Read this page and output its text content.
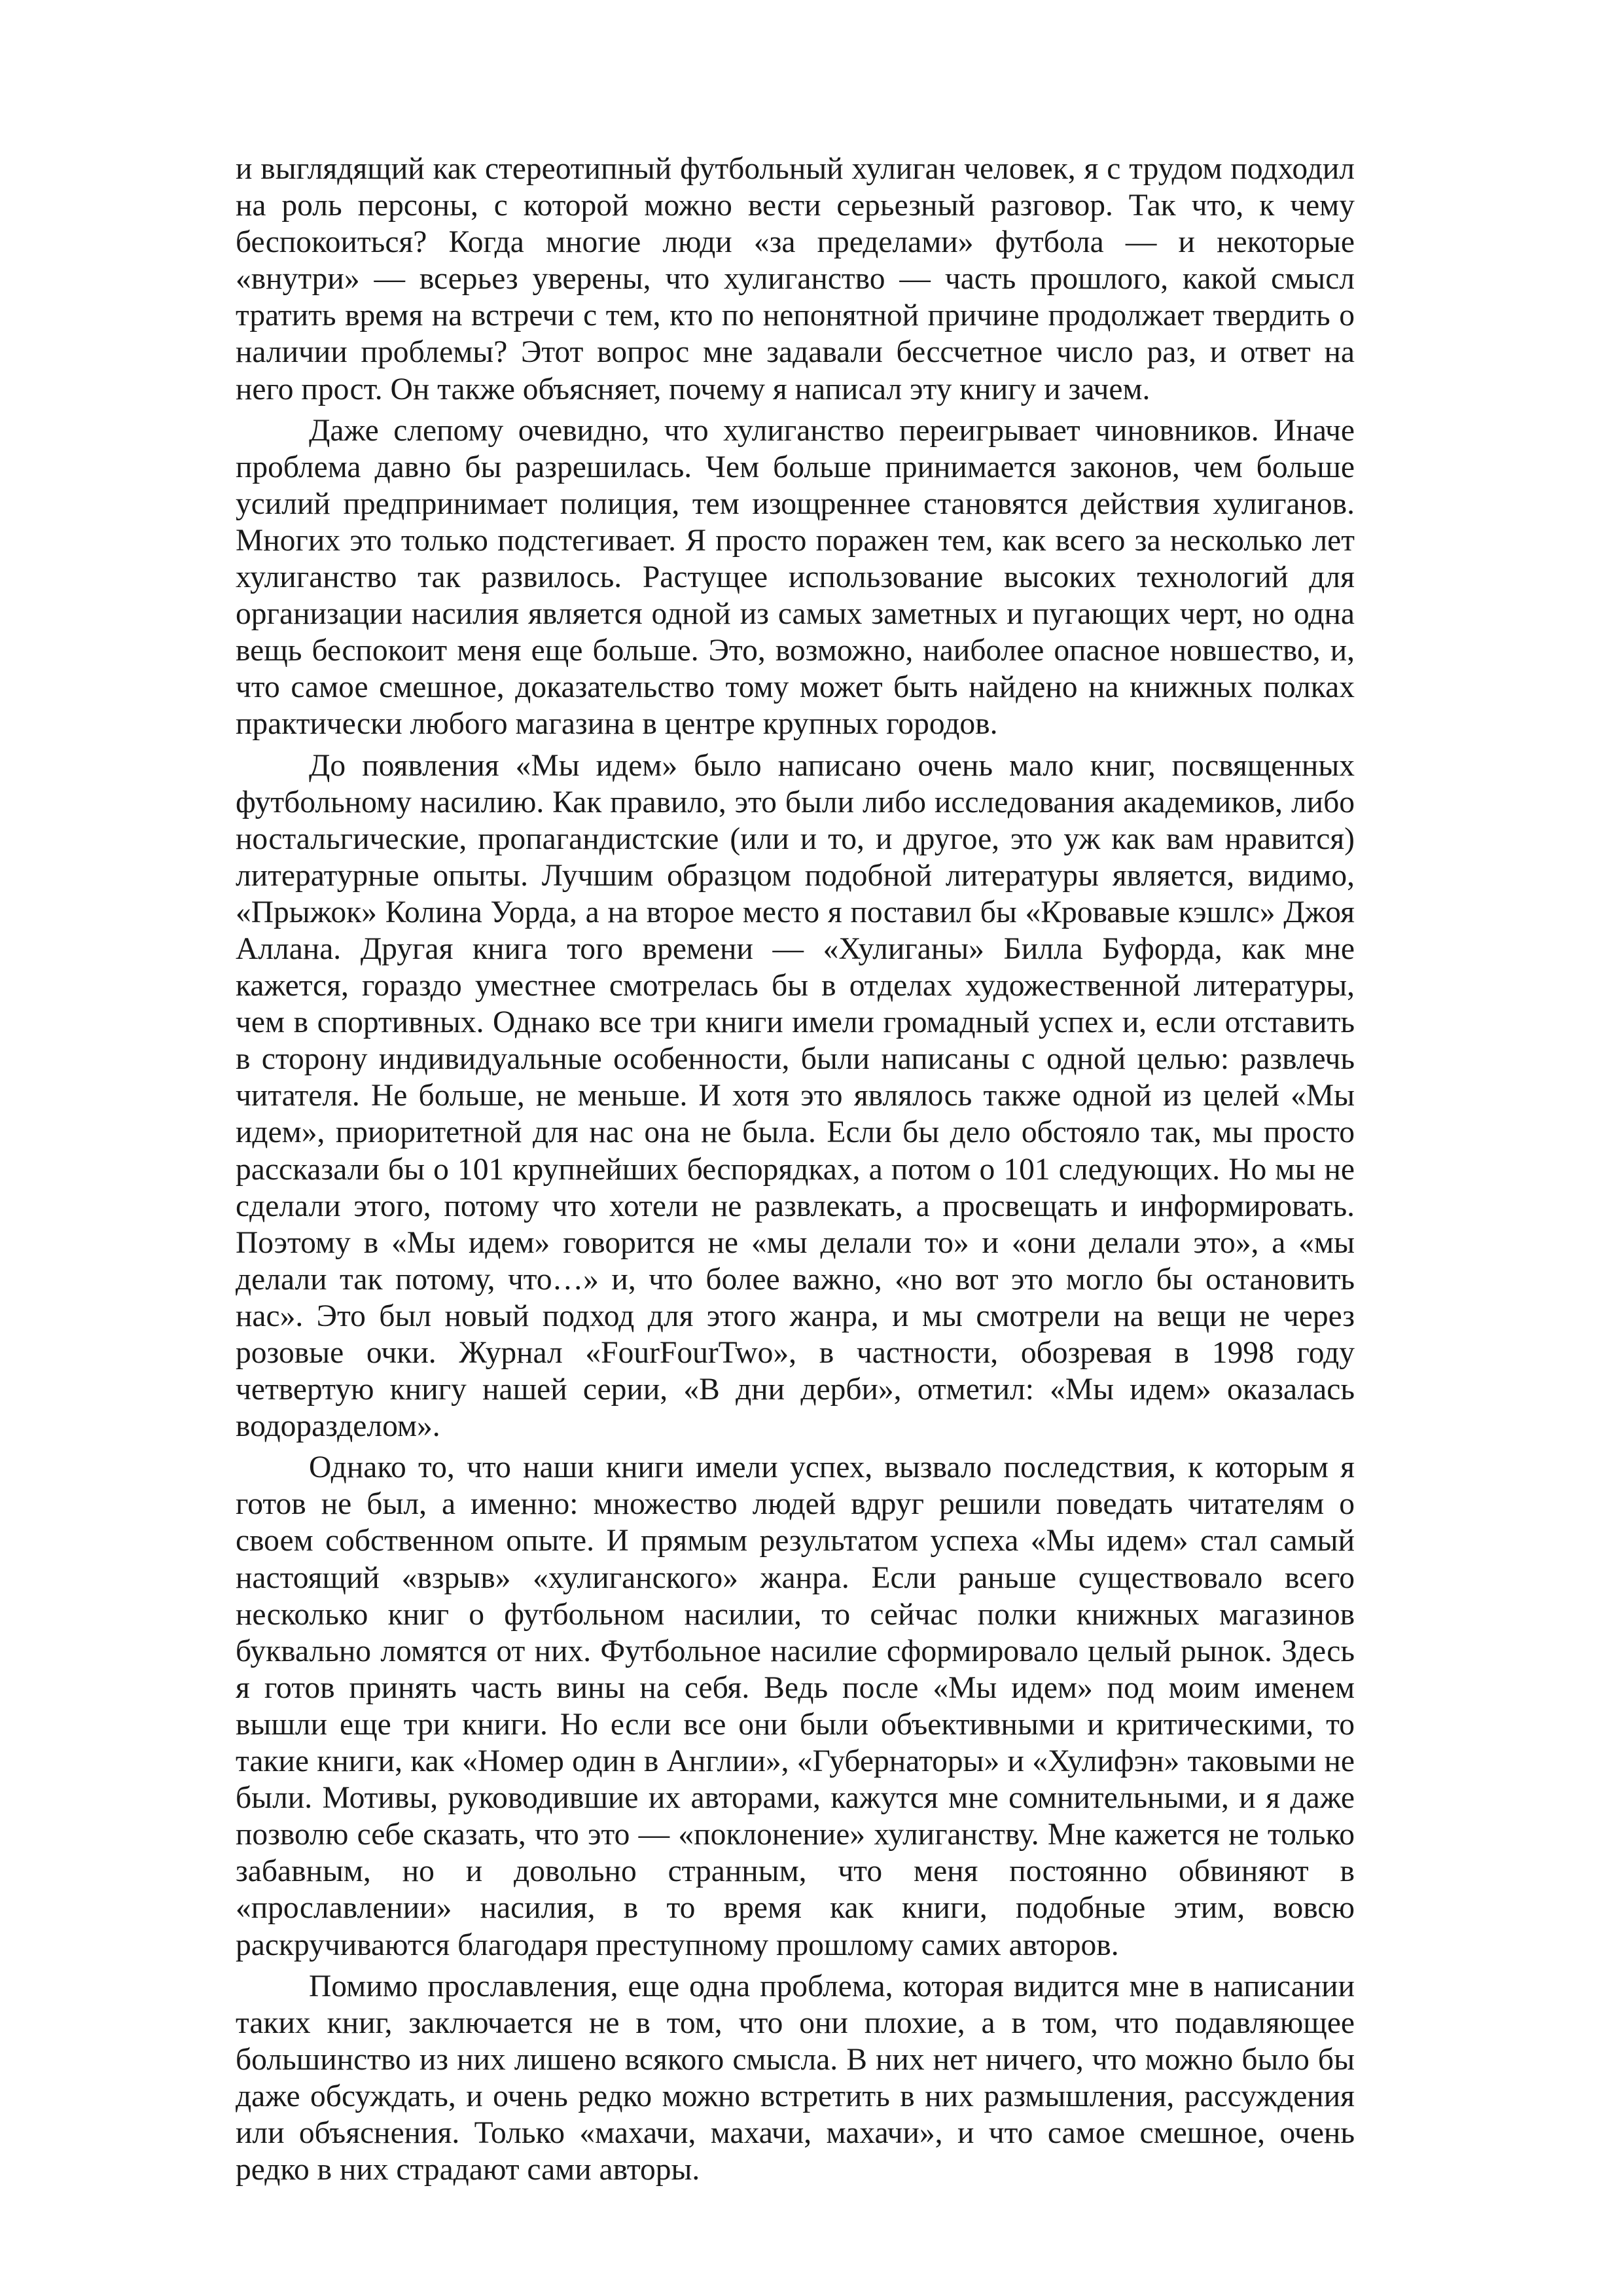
и выглядящий как стереотипный футбольный хулиган человек, я с трудом подходил на роль персоны, с которой можно вести серьезный разговор. Так что, к чему беспокоиться? Когда многие люди «за пределами» футбола — и некоторые «внутри» — всерьез уверены, что хулиганство — часть прошлого, какой смысл тратить время на встречи с тем, кто по непонятной причине продолжает твердить о наличии проблемы? Этот вопрос мне задавали бессчетное число раз, и ответ на него прост. Он также объясняет, почему я написал эту книгу и зачем.

Даже слепому очевидно, что хулиганство переигрывает чиновников. Иначе проблема давно бы разрешилась. Чем больше принимается законов, чем больше усилий предпринимает полиция, тем изощреннее становятся действия хулиганов. Многих это только подстегивает. Я просто поражен тем, как всего за несколько лет хулиганство так развилось. Растущее использование высоких технологий для организации насилия является одной из самых заметных и пугающих черт, но одна вещь беспокоит меня еще больше. Это, возможно, наиболее опасное новшество, и, что самое смешное, доказательство тому может быть найдено на книжных полках практически любого магазина в центре крупных городов.

До появления «Мы идем» было написано очень мало книг, посвященных футбольному насилию. Как правило, это были либо исследования академиков, либо ностальгические, пропагандистские (или и то, и другое, это уж как вам нравится) литературные опыты. Лучшим образцом подобной литературы является, видимо, «Прыжок» Колина Уорда, а на второе место я поставил бы «Кровавые кэшлс» Джоя Аллана. Другая книга того времени — «Хулиганы» Билла Буфорда, как мне кажется, гораздо уместнее смотрелась бы в отделах художественной литературы, чем в спортивных. Однако все три книги имели громадный успех и, если отставить в сторону индивидуальные особенности, были написаны с одной целью: развлечь читателя. Не больше, не меньше. И хотя это являлось также одной из целей «Мы идем», приоритетной для нас она не была. Если бы дело обстояло так, мы просто рассказали бы о 101 крупнейших беспорядках, а потом о 101 следующих. Но мы не сделали этого, потому что хотели не развлекать, а просвещать и информировать. Поэтому в «Мы идем» говорится не «мы делали то» и «они делали это», а «мы делали так потому, что…» и, что более важно, «но вот это могло бы остановить нас». Это был новый подход для этого жанра, и мы смотрели на вещи не через розовые очки. Журнал «FourFourTwo», в частности, обозревая в 1998 году четвертую книгу нашей серии, «В дни дерби», отметил: «Мы идем» оказалась водоразделом».

Однако то, что наши книги имели успех, вызвало последствия, к которым я готов не был, а именно: множество людей вдруг решили поведать читателям о своем собственном опыте. И прямым результатом успеха «Мы идем» стал самый настоящий «взрыв» «хулиганского» жанра. Если раньше существовало всего несколько книг о футбольном насилии, то сейчас полки книжных магазинов буквально ломятся от них. Футбольное насилие сформировало целый рынок. Здесь я готов принять часть вины на себя. Ведь после «Мы идем» под моим именем вышли еще три книги. Но если все они были объективными и критическими, то такие книги, как «Номер один в Англии», «Губернаторы» и «Хулифэн» таковыми не были. Мотивы, руководившие их авторами, кажутся мне сомнительными, и я даже позволю себе сказать, что это — «поклонение» хулиганству. Мне кажется не только забавным, но и довольно странным, что меня постоянно обвиняют в «прославлении» насилия, в то время как книги, подобные этим, вовсю раскручиваются благодаря преступному прошлому самих авторов.

Помимо прославления, еще одна проблема, которая видится мне в написании таких книг, заключается не в том, что они плохие, а в том, что подавляющее большинство из них лишено всякого смысла. В них нет ничего, что можно было бы даже обсуждать, и очень редко можно встретить в них размышления, рассуждения или объяснения. Только «махачи, махачи, махачи», и что самое смешное, очень редко в них страдают сами авторы.
